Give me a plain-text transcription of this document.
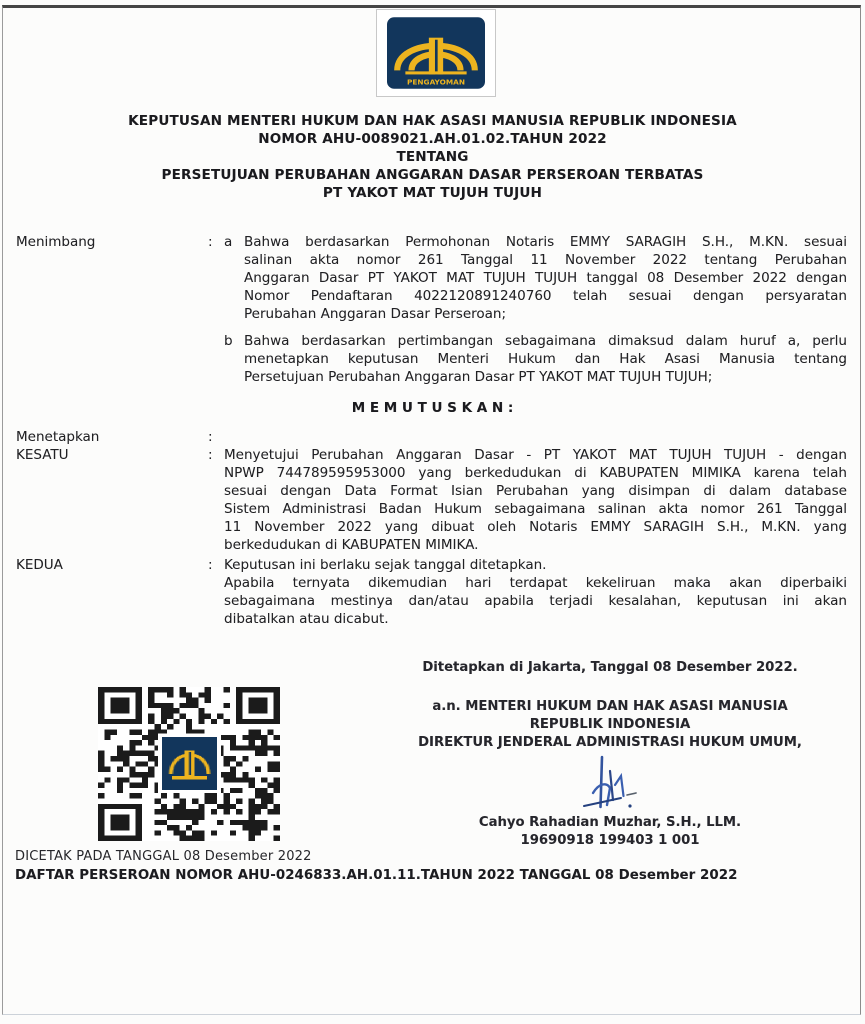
PENGAYOMAN
KEPUTUSAN MENTERI HUKUM DAN HAK ASASI MANUSIA REPUBLIK INDONESIA
NOMOR AHU-0089021.AH.01.02.TAHUN 2022
TENTANG
PERSETUJUAN PERUBAHAN ANGGARAN DASAR PERSEROAN TERBATAS
PT YAKOT MAT TUJUH TUJUH
Menimbang	: a Bahwa berdasarkan Permohonan Notaris EMMY SARAGIH S.H., M.KN. sesuai
salinan akta nomor 261 Tanggal 11 November 2022 tentang Perubahan
Anggaran Dasar PT YAKOT MAT TUJUH TUJUH tanggal 08 Desember 2022 dengan
Nomor Pendaftaran 4022120891240760 telah sesuai dengan persyaratan
Perubahan Anggaran Dasar Perseroan;
b Bahwa berdasarkan pertimbangan sebagaimana dimaksud dalam huruf a, perlu
menetapkan keputusan Menteri Hukum dan Hak Asasi Manusia tentang
Persetujuan Perubahan Anggaran Dasar PT YAKOT MAT TUJUH TUJUH;
M E M U T U S K A N :
Menetapkan	:
KESATU	: Menyetujui Perubahan Anggaran Dasar - PT YAKOT MAT TUJUH TUJUH - dengan
NPWP 744789595953000 yang berkedudukan di KABUPATEN MIMIKA karena telah
sesuai dengan Data Format Isian Perubahan yang disimpan di dalam database
Sistem Administrasi Badan Hukum sebagaimana salinan akta nomor 261 Tanggal
11 November 2022 yang dibuat oleh Notaris EMMY SARAGIH S.H., M.KN. yang
berkedudukan di KABUPATEN MIMIKA.
KEDUA	: Keputusan ini berlaku sejak tanggal ditetapkan.
Apabila ternyata dikemudian hari terdapat kekeliruan maka akan diperbaiki
sebagaimana mestinya dan/atau apabila terjadi kesalahan, keputusan ini akan
dibatalkan atau dicabut.
Ditetapkan di Jakarta, Tanggal 08 Desember 2022.
a.n. MENTERI HUKUM DAN HAK ASASI MANUSIA
REPUBLIK INDONESIA
DIREKTUR JENDERAL ADMINISTRASI HUKUM UMUM,
Cahyo Rahadian Muzhar, S.H., LLM.
19690918 199403 1 001
DICETAK PADA TANGGAL 08 Desember 2022
DAFTAR PERSEROAN NOMOR AHU-0246833.AH.01.11.TAHUN 2022 TANGGAL 08 Desember 2022
